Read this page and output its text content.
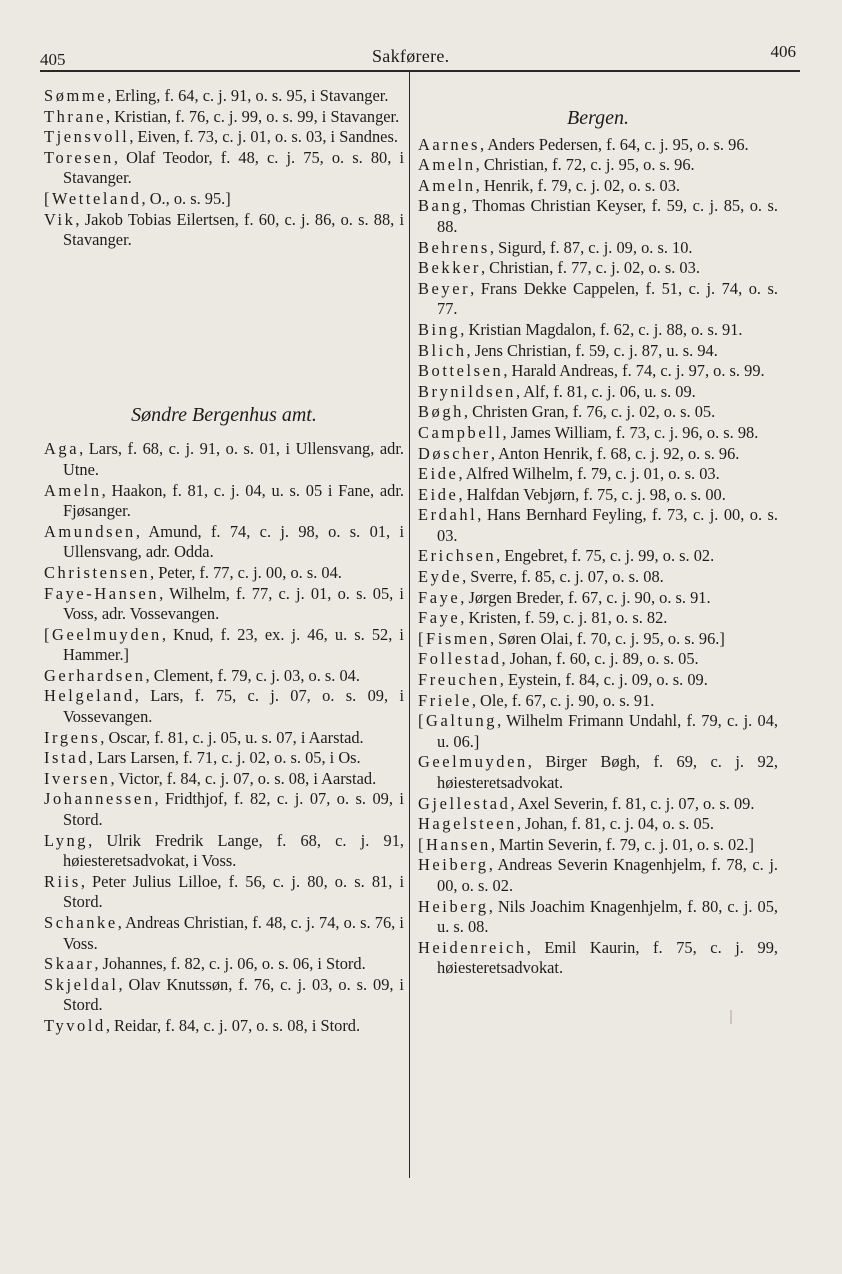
405	Sakførere.	406

Sømme, Erling, f. 64, c. j. 91, o. s. 95, i Stavanger.

Thrane, Kristian, f. 76, c. j. 99, o. s. 99, i Stavanger.

Tjensvoll, Eiven, f. 73, c. j. 01, o. s. 03, i Sandnes.

Toresen, Olaf Teodor, f. 48, c. j. 75, o. s. 80, i Stavanger.

[Wetteland, O., o. s. 95.]

Vik, Jakob Tobias Eilertsen, f. 60, c. j. 86, o. s. 88, i Stavanger.

Søndre Bergenhus amt.

Aga, Lars, f. 68, c. j. 91, o. s. 01, i Ullensvang, adr. Utne.

Ameln, Haakon, f. 81, c. j. 04, u. s. 05 i Fane, adr. Fjøsanger.

Amundsen, Amund, f. 74, c. j. 98, o. s. 01, i Ullensvang, adr. Odda.

Christensen, Peter, f. 77, c. j. 00, o. s. 04.

Faye-Hansen, Wilhelm, f. 77, c. j. 01, o. s. 05, i Voss, adr. Vossevangen.

[Geelmuyden, Knud, f. 23, ex. j. 46, u. s. 52, i Hammer.]

Gerhardsen, Clement, f. 79, c. j. 03, o. s. 04.

Helgeland, Lars, f. 75, c. j. 07, o. s. 09, i Vossevangen.

Irgens, Oscar, f. 81, c. j. 05, u. s. 07, i Aarstad.

Istad, Lars Larsen, f. 71, c. j. 02, o. s. 05, i Os.

Iversen, Victor, f. 84, c. j. 07, o. s. 08, i Aarstad.

Johannessen, Fridthjof, f. 82, c. j. 07, o. s. 09, i Stord.

Lyng, Ulrik Fredrik Lange, f. 68, c. j. 91, høiesteretsadvokat, i Voss.

Riis, Peter Julius Lilloe, f. 56, c. j. 80, o. s. 81, i Stord.

Schanke, Andreas Christian, f. 48, c. j. 74, o. s. 76, i Voss.

Skaar, Johannes, f. 82, c. j. 06, o. s. 06, i Stord.

Skjeldal, Olav Knutssøn, f. 76, c. j. 03, o. s. 09, i Stord.

Tyvold, Reidar, f. 84, c. j. 07, o. s. 08, i Stord.

Bergen.

Aarnes, Anders Pedersen, f. 64, c. j. 95, o. s. 96.

Ameln, Christian, f. 72, c. j. 95, o. s. 96.

Ameln, Henrik, f. 79, c. j. 02, o. s. 03.

Bang, Thomas Christian Keyser, f. 59, c. j. 85, o. s. 88.

Behrens, Sigurd, f. 87, c. j. 09, o. s. 10.

Bekker, Christian, f. 77, c. j. 02, o. s. 03.

Beyer, Frans Dekke Cappelen, f. 51, c. j. 74, o. s. 77.

Bing, Kristian Magdalon, f. 62, c. j. 88, o. s. 91.

Blich, Jens Christian, f. 59, c. j. 87, u. s. 94.

Bottelsen, Harald Andreas, f. 74, c. j. 97, o. s. 99.

Brynildsen, Alf, f. 81, c. j. 06, u. s. 09.

Bøgh, Christen Gran, f. 76, c. j. 02, o. s. 05.

Campbell, James William, f. 73, c. j. 96, o. s. 98.

Døscher, Anton Henrik, f. 68, c. j. 92, o. s. 96.

Eide, Alfred Wilhelm, f. 79, c. j. 01, o. s. 03.

Eide, Halfdan Vebjørn, f. 75, c. j. 98, o. s. 00.

Erdahl, Hans Bernhard Feyling, f. 73, c. j. 00, o. s. 03.

Erichsen, Engebret, f. 75, c. j. 99, o. s. 02.

Eyde, Sverre, f. 85, c. j. 07, o. s. 08.

Faye, Jørgen Breder, f. 67, c. j. 90, o. s. 91.

Faye, Kristen, f. 59, c. j. 81, o. s. 82.

[Fismen, Søren Olai, f. 70, c. j. 95, o. s. 96.]

Follestad, Johan, f. 60, c. j. 89, o. s. 05.

Freuchen, Eystein, f. 84, c. j. 09, o. s. 09.

Friele, Ole, f. 67, c. j. 90, o. s. 91.

[Galtung, Wilhelm Frimann Undahl, f. 79, c. j. 04, u. 06.]

Geelmuyden, Birger Bøgh, f. 69, c. j. 92, høiesteretsadvokat.

Gjellestad, Axel Severin, f. 81, c. j. 07, o. s. 09.

Hagelsteen, Johan, f. 81, c. j. 04, o. s. 05.

[Hansen, Martin Severin, f. 79, c. j. 01, o. s. 02.]

Heiberg, Andreas Severin Knagenhjelm, f. 78, c. j. 00, o. s. 02.

Heiberg, Nils Joachim Knagenhjelm, f. 80, c. j. 05, u. s. 08.

Heidenreich, Emil Kaurin, f. 75, c. j. 99, høiesteretsadvokat.
